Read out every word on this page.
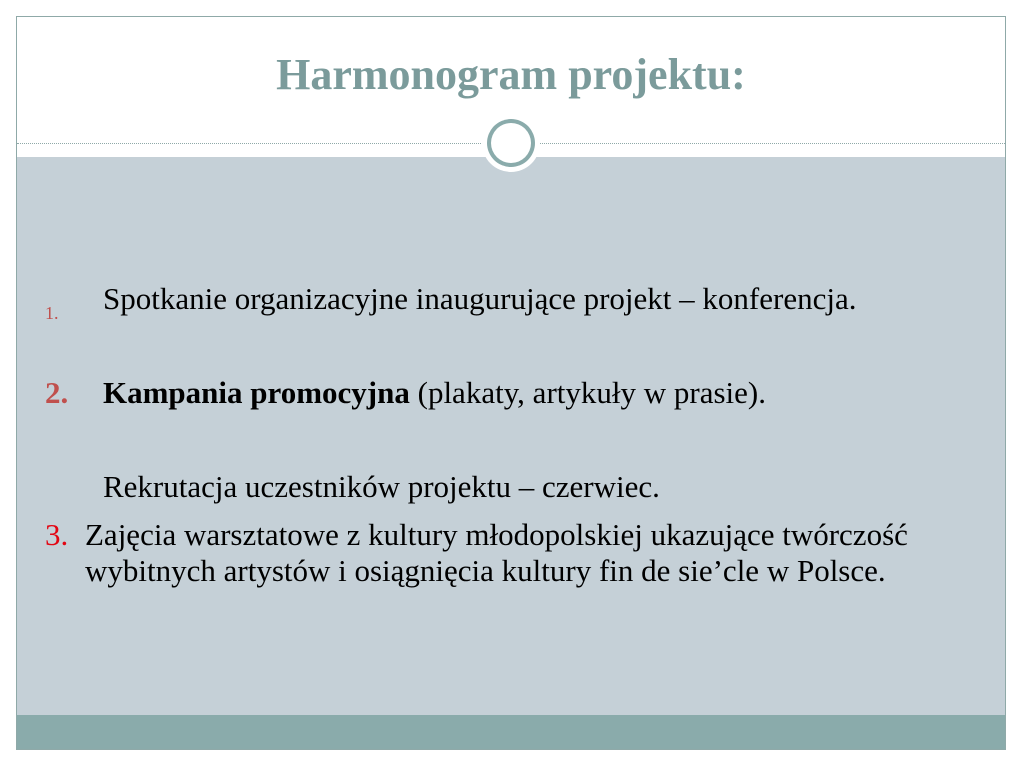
Harmonogram projektu:
1. Spotkanie organizacyjne inaugurujące projekt – konferencja.

2. Kampania promocyjna (plakaty, artykuły w prasie).

Rekrutacja uczestników projektu – czerwiec.

3. Zajęcia warsztatowe z kultury młodopolskiej ukazujące twórczość wybitnych artystów i osiągnięcia kultury fin de sie’cle w Polsce.
